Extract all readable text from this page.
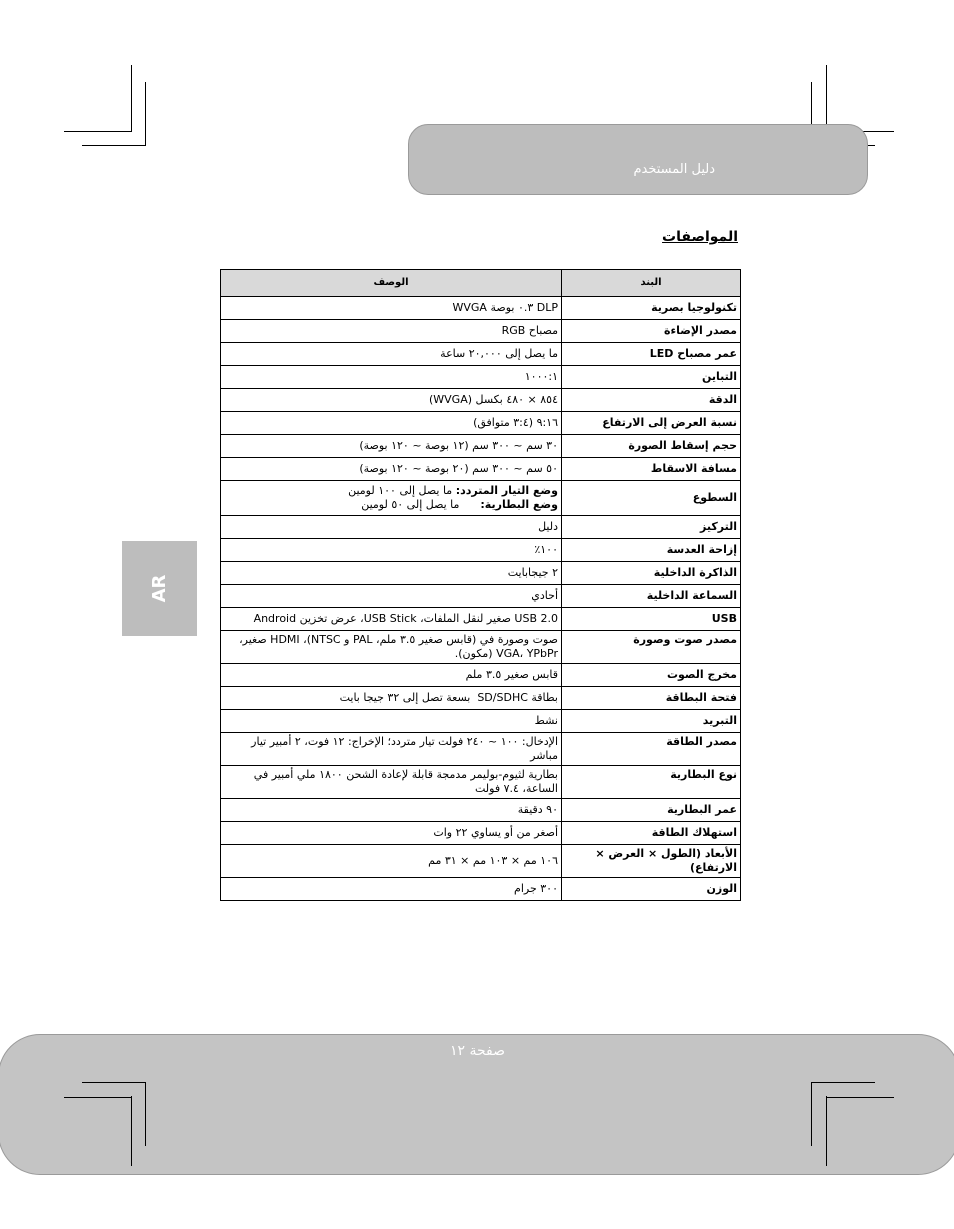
دليل المستخدم
المواصفات
AR
البند	الوصف
تكنولوجيا بصرية	DLP ٠.٣ بوصة WVGA
مصدر الإضاءة	مصباح RGB
عمر مصباح LED	ما يصل إلى ٢٠,٠٠٠ ساعة
التباين	١٠٠٠:١
الدقة	٨٥٤ × ٤٨٠ بكسل (WVGA)
نسبة العرض إلى الارتفاع	٩:١٦ (٣:٤ متوافق)
حجم إسقاط الصورة	٣٠ سم ~ ٣٠٠ سم (١٢ بوصة ~ ١٢٠ بوصة)
مسافة الاسقاط	٥٠ سم ~ ٣٠٠ سم (٢٠ بوصة ~ ١٢٠ بوصة)
السطوع	وضع التيار المتردد: ما يصل إلى ١٠٠ لومين
وضع البطارية:      ما يصل إلى ٥٠ لومين

التركيز	دليل
إزاحة العدسة	١٠٠٪
الذاكرة الداخلية	٢ جيجابايت
السماعة الداخلية	أحادي
USB	USB 2.0 صغير لنقل الملفات، USB Stick، عرض تخزين Android
مصدر صوت وصورة	صوت وصورة في (قابس صغير ٣.٥ ملم، PAL و NTSC)، HDMI صغير، VGA، YPbPr (مكون).
مخرج الصوت	قابس صغير ٣.٥ ملم
فتحة البطاقة	بطاقة SD/SDHC  بسعة تصل إلى ٣٢ جيجا بايت
التبريد	نشط
مصدر الطاقة	الإدخال: ١٠٠ ~ ٢٤٠ فولت تيار متردد؛ الإخراج: ١٢ فوت، ٢ أمبير تيار مباشر
نوع البطارية	بطارية لثيوم-بوليمر مدمجة قابلة لإعادة الشحن ١٨٠٠ ملي أمبير في الساعة، ٧.٤ فولت
عمر البطارية	٩٠ دقيقة
استهلاك الطاقة	أصغر من أو يساوي ٢٢ وات
الأبعاد (الطول × العرض × الارتفاع)	١٠٦ مم × ١٠٣ مم × ٣١ مم
الوزن	٣٠٠ جرام
صفحة ١٢
